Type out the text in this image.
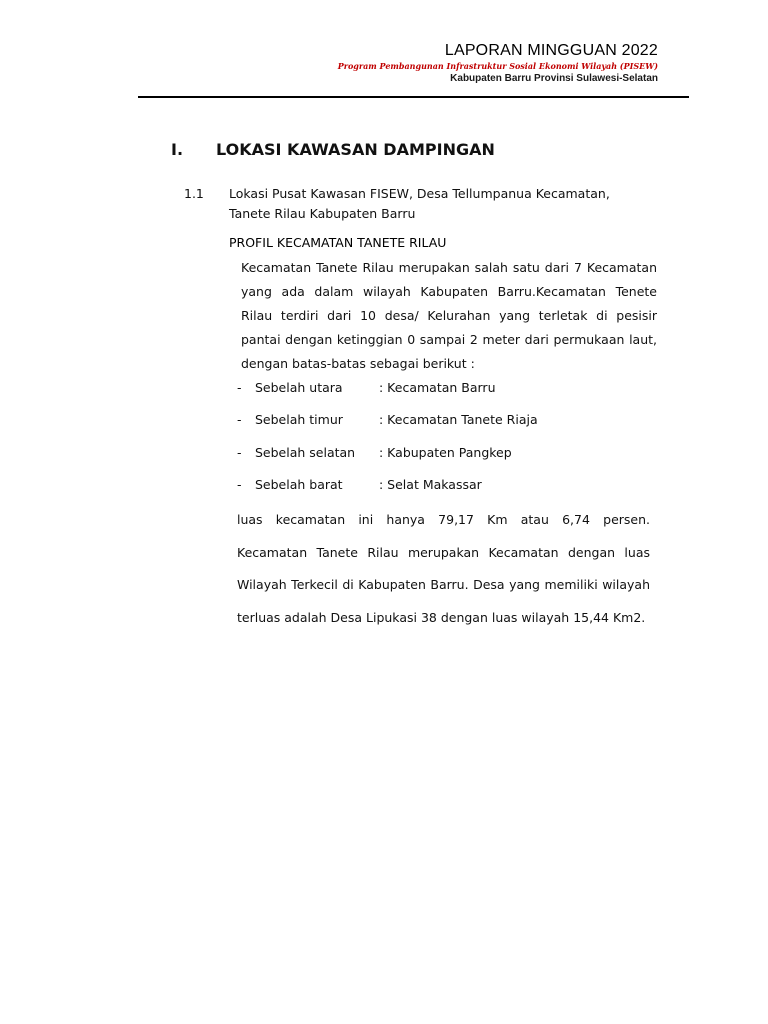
LAPORAN MINGGUAN 2022
Program Pembangunan Infrastruktur Sosial Ekonomi Wilayah (PISEW)
Kabupaten Barru Provinsi Sulawesi-Selatan
I. LOKASI KAWASAN DAMPINGAN
1.1 Lokasi Pusat Kawasan FISEW, Desa Tellumpanua Kecamatan,
Tanete Rilau Kabupaten Barru
PROFIL KECAMATAN TANETE RILAU
Kecamatan Tanete Rilau merupakan salah satu dari 7 Kecamatan yang ada dalam wilayah Kabupaten Barru.Kecamatan Tenete Rilau terdiri dari 10 desa/ Kelurahan yang terletak di pesisir pantai dengan ketinggian 0 sampai 2 meter dari permukaan laut, dengan batas-batas sebagai berikut :
- Sebelah utara	: Kecamatan Barru
- Sebelah timur	: Kecamatan Tanete Riaja
- Sebelah selatan : Kabupaten Pangkep
- Sebelah barat	: Selat Makassar
luas kecamatan ini hanya 79,17 Km atau 6,74 persen. Kecamatan Tanete Rilau merupakan Kecamatan dengan luas Wilayah Terkecil di Kabupaten Barru. Desa yang memiliki wilayah terluas adalah Desa Lipukasi 38 dengan luas wilayah 15,44 Km2.
